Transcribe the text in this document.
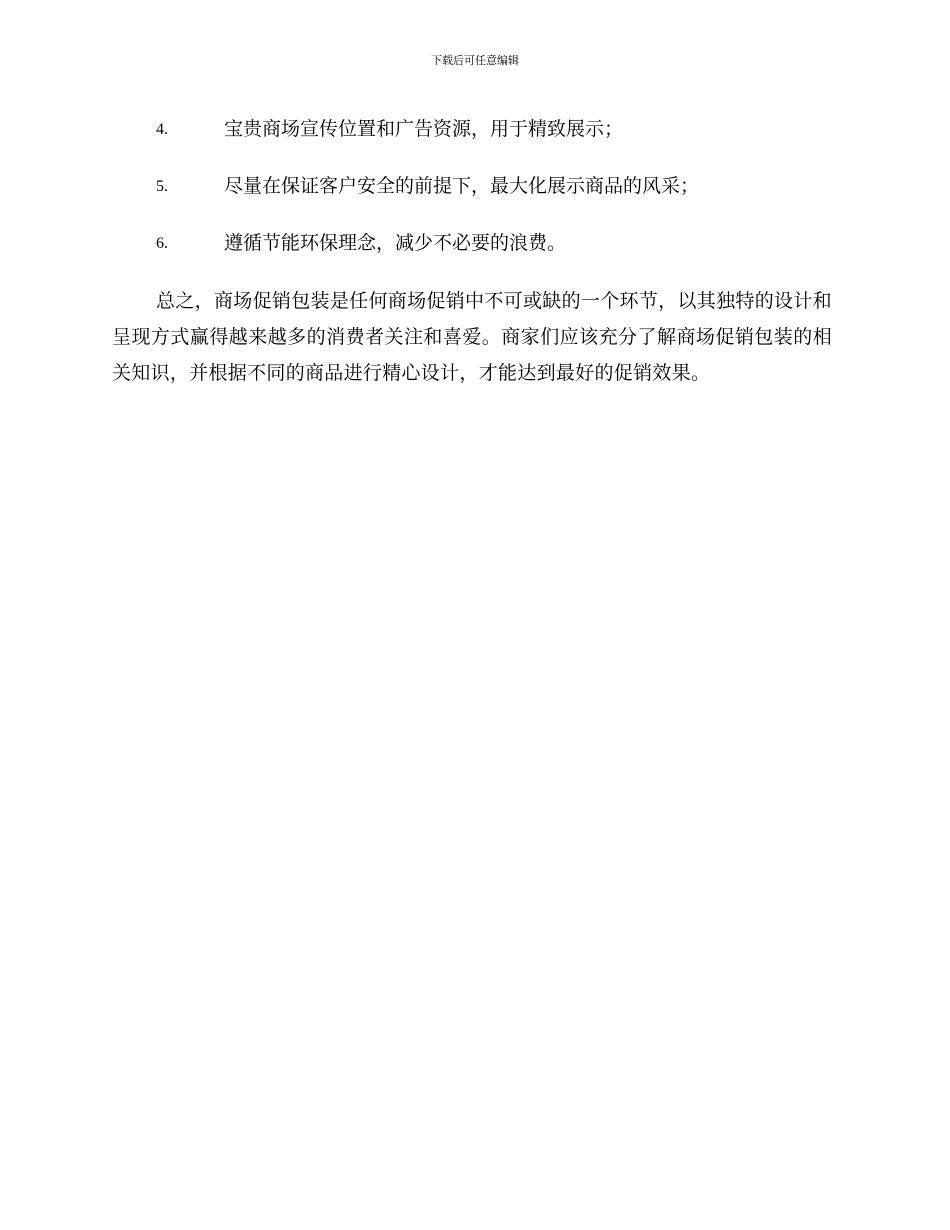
下载后可任意编辑
4.	宝贵商场宣传位置和广告资源，用于精致展示；
5.	尽量在保证客户安全的前提下，最大化展示商品的风采；
6.	遵循节能环保理念，减少不必要的浪费。

总之，商场促销包装是任何商场促销中不可或缺的一个环节，以其独特的设计和呈现方式赢得越来越多的消费者关注和喜爱。商家们应该充分了解商场促销包装的相关知识，并根据不同的商品进行精心设计，才能达到最好的促销效果。
